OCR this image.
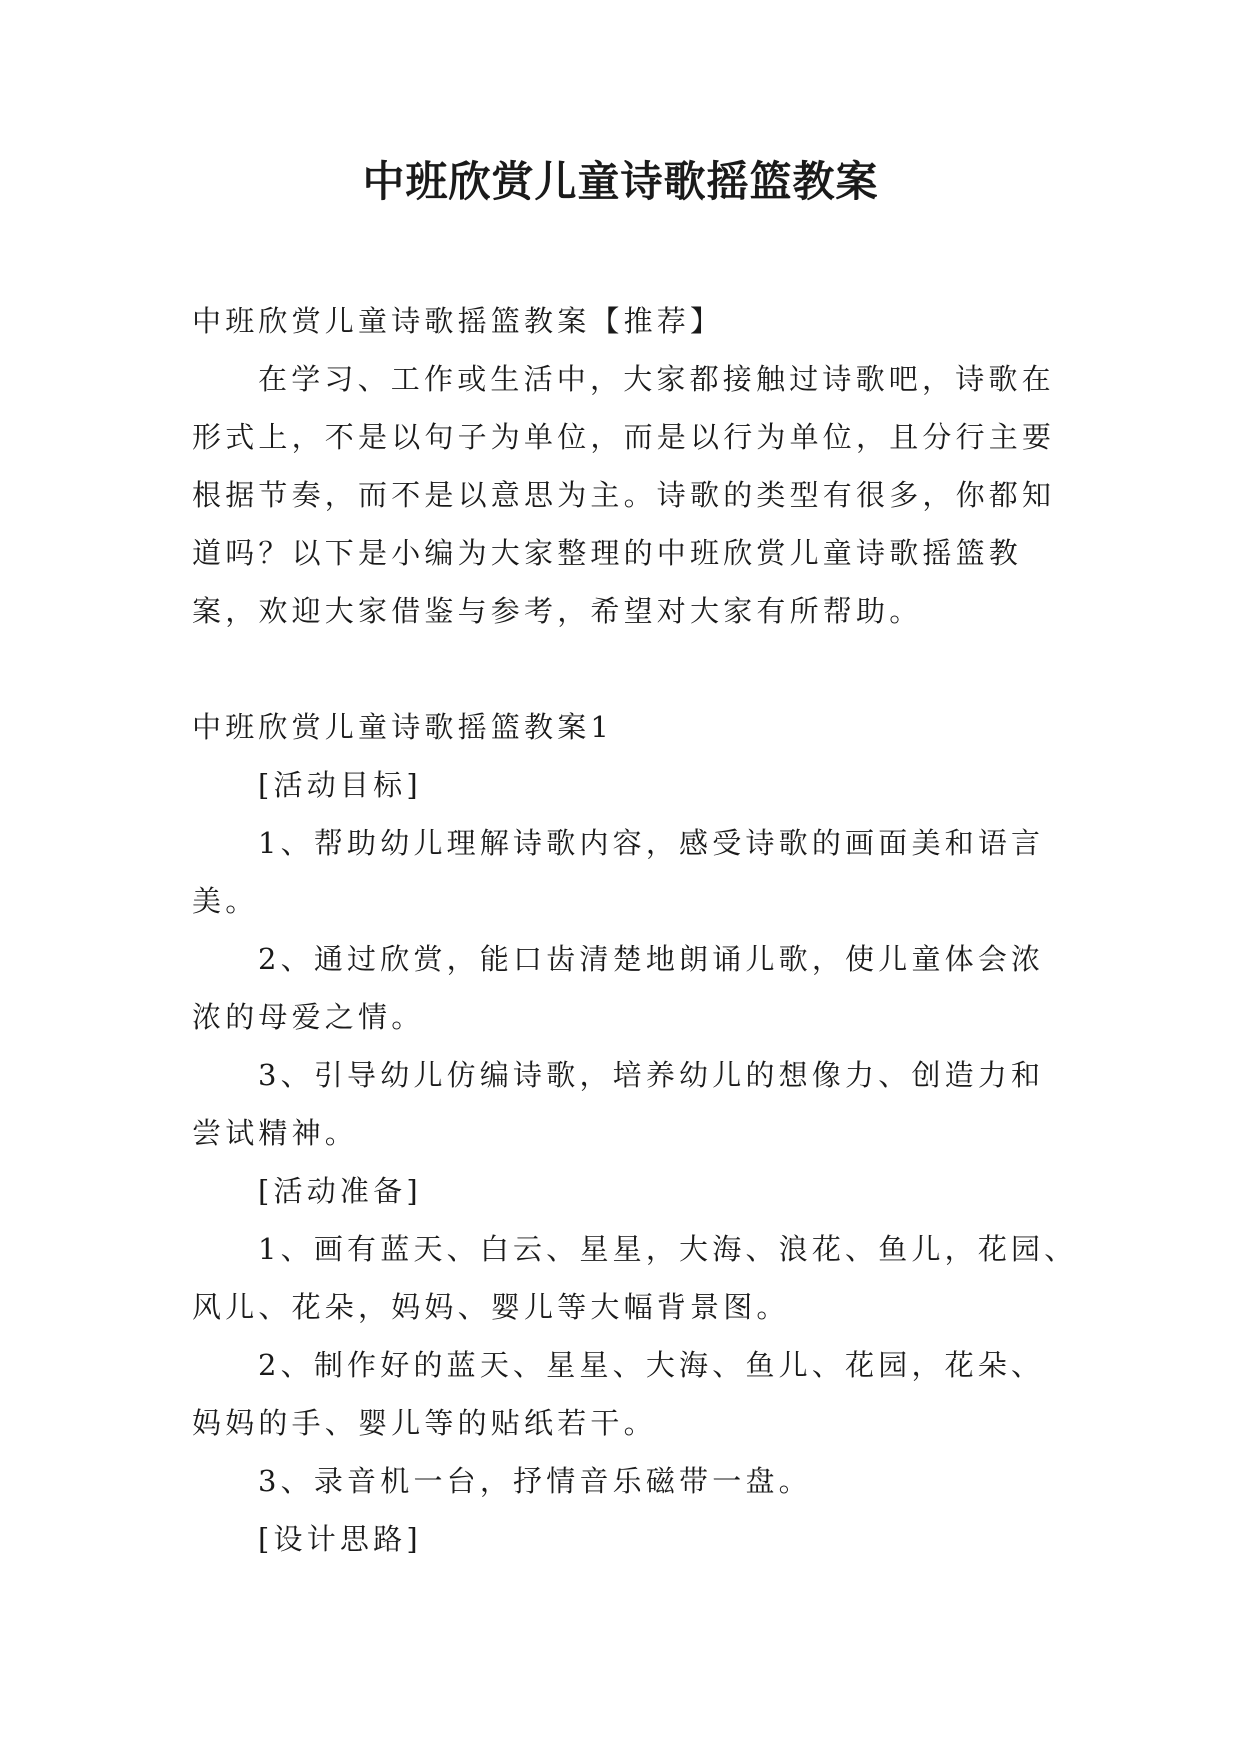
中班欣赏儿童诗歌摇篮教案
中班欣赏儿童诗歌摇篮教案【推荐】
在学习、工作或生活中，大家都接触过诗歌吧，诗歌在
形式上，不是以句子为单位，而是以行为单位，且分行主要
根据节奏，而不是以意思为主。诗歌的类型有很多，你都知
道吗？以下是小编为大家整理的中班欣赏儿童诗歌摇篮教
案，欢迎大家借鉴与参考，希望对大家有所帮助。
中班欣赏儿童诗歌摇篮教案1
[活动目标]
1、帮助幼儿理解诗歌内容，感受诗歌的画面美和语言
美。
2、通过欣赏，能口齿清楚地朗诵儿歌，使儿童体会浓
浓的母爱之情。
3、引导幼儿仿编诗歌，培养幼儿的想像力、创造力和
尝试精神。
[活动准备]
1、画有蓝天、白云、星星，大海、浪花、鱼儿，花园、
风儿、花朵，妈妈、婴儿等大幅背景图。
2、制作好的蓝天、星星、大海、鱼儿、花园，花朵、
妈妈的手、婴儿等的贴纸若干。
3、录音机一台，抒情音乐磁带一盘。
[设计思路]
